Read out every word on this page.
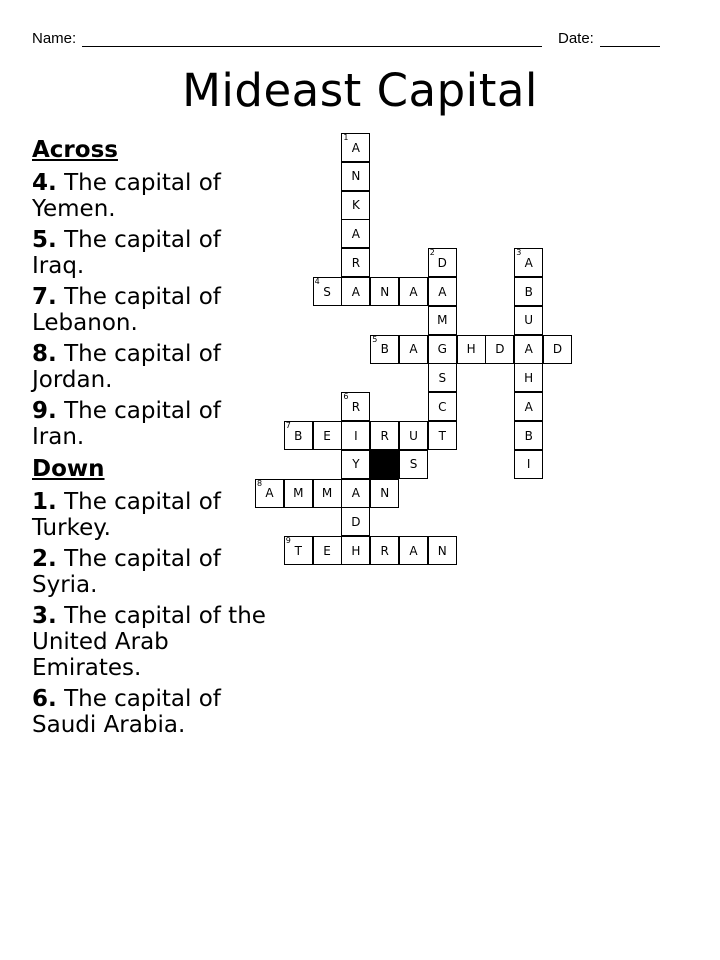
Name:	Date:
Mideast Capital
Across
4. The capital of Yemen.
5. The capital of Iraq.
7. The capital of Lebanon.
8. The capital of Jordan.
9. The capital of Iran.
Down
1. The capital of Turkey.
2. The capital of Syria.
3. The capital of the United Arab Emirates.
6. The capital of Saudi Arabia.
A
1
N
K
A
R	D
2
A
3
S
4
A N A A	B
M	U
B
5
A G H D A D
S	H
R
6
C	A
B
7
E I R U T	B
Y	S	I
A
8
M M A N
D
T
9
E H R A N
